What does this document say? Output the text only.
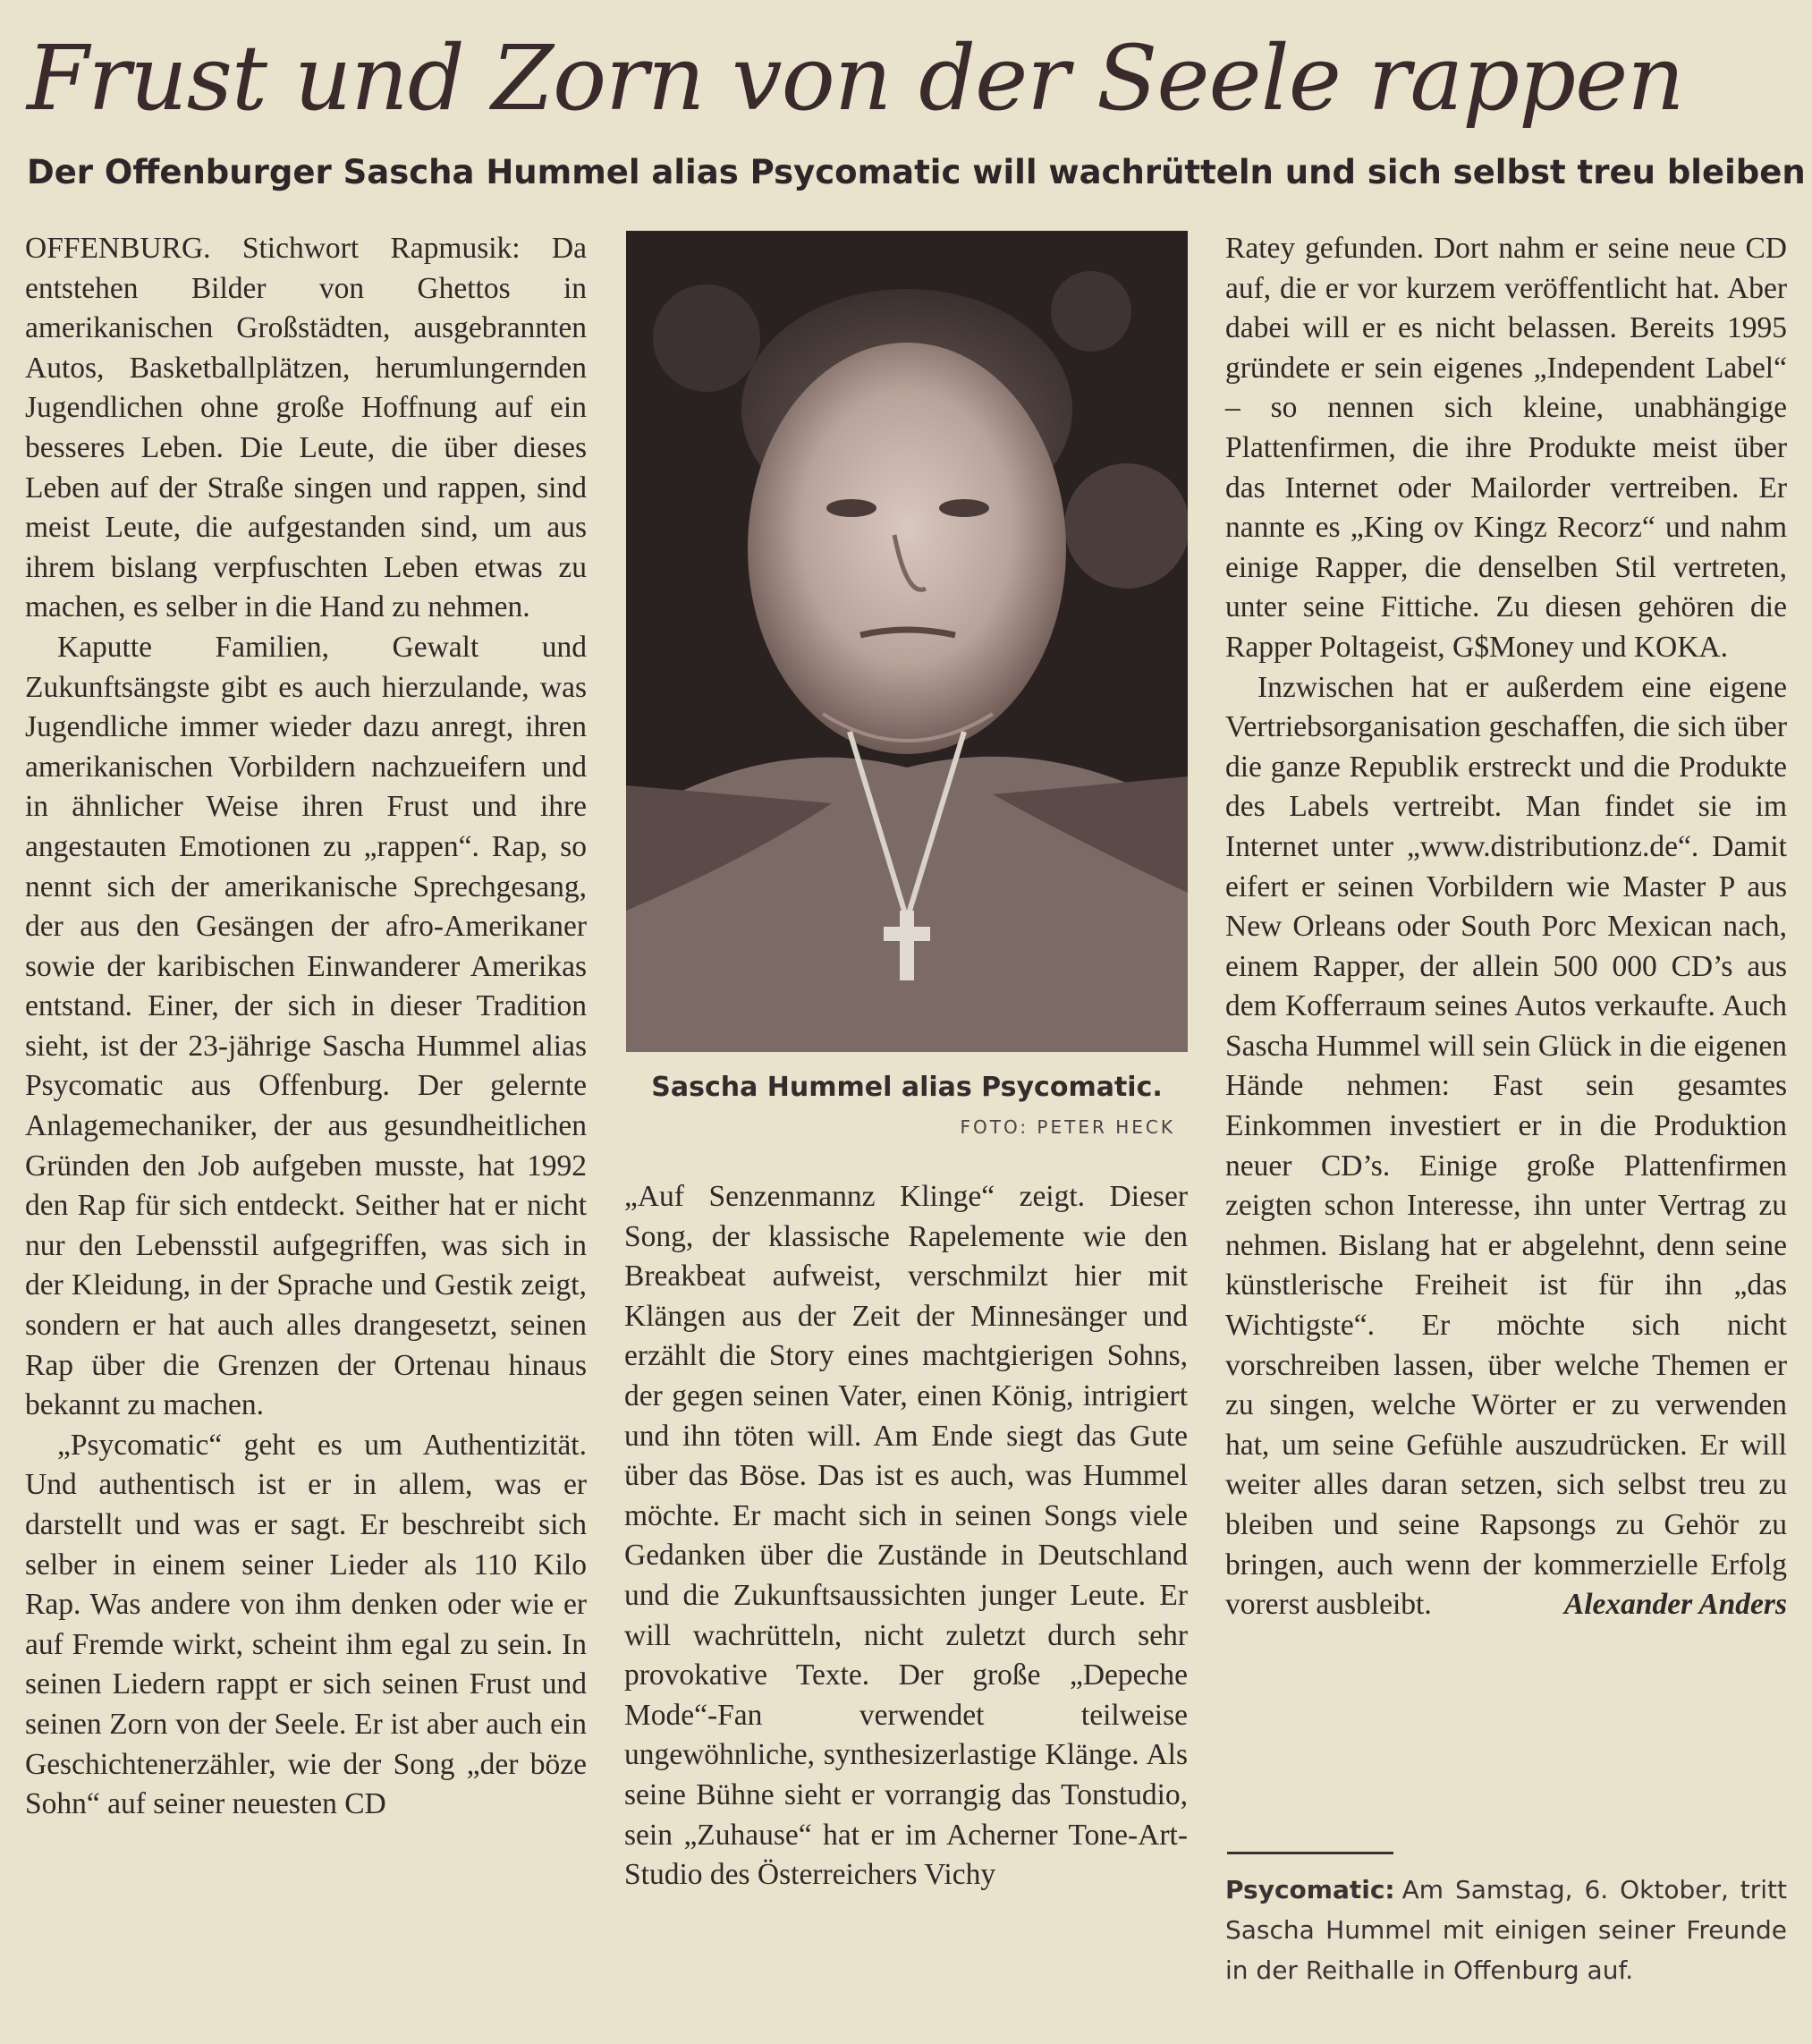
Frust und Zorn von der Seele rappen
Der Offenburger Sascha Hummel alias Psycomatic will wachrütteln und sich selbst treu bleiben

OFFENBURG. Stichwort Rapmusik: Da entstehen Bilder von Ghettos in amerikanischen Großstädten, ausgebrannten Autos, Basketballplätzen, herumlungernden Jugendlichen ohne große Hoffnung auf ein besseres Leben. Die Leute, die über dieses Leben auf der Straße singen und rappen, sind meist Leute, die aufgestanden sind, um aus ihrem bislang verpfuschten Leben etwas zu machen, es selber in die Hand zu nehmen.

Kaputte Familien, Gewalt und Zukunftsängste gibt es auch hierzulande, was Jugendliche immer wieder dazu anregt, ihren amerikanischen Vorbildern nachzueifern und in ähnlicher Weise ihren Frust und ihre angestauten Emotionen zu „rappen“. Rap, so nennt sich der amerikanische Sprechgesang, der aus den Gesängen der afro-Amerikaner sowie der karibischen Einwanderer Amerikas entstand. Einer, der sich in dieser Tradition sieht, ist der 23-jährige Sascha Hummel alias Psycomatic aus Offenburg. Der gelernte Anlagemechaniker, der aus gesundheitlichen Gründen den Job aufgeben musste, hat 1992 den Rap für sich entdeckt. Seither hat er nicht nur den Lebensstil aufgegriffen, was sich in der Kleidung, in der Sprache und Gestik zeigt, sondern er hat auch alles drangesetzt, seinen Rap über die Grenzen der Ortenau hinaus bekannt zu machen.

„Psycomatic“ geht es um Authentizität. Und authentisch ist er in allem, was er darstellt und was er sagt. Er beschreibt sich selber in einem seiner Lieder als 110 Kilo Rap. Was andere von ihm denken oder wie er auf Fremde wirkt, scheint ihm egal zu sein. In seinen Liedern rappt er sich seinen Frust und seinen Zorn von der Seele. Er ist aber auch ein Geschichtenerzähler, wie der Song „der böze Sohn“ auf seiner neuesten CD

Sascha Hummel alias Psycomatic.
FOTO: PETER HECK

„Auf Senzenmannz Klinge“ zeigt. Dieser Song, der klassische Rapelemente wie den Breakbeat aufweist, verschmilzt hier mit Klängen aus der Zeit der Minnesänger und erzählt die Story eines machtgierigen Sohns, der gegen seinen Vater, einen König, intrigiert und ihn töten will. Am Ende siegt das Gute über das Böse. Das ist es auch, was Hummel möchte. Er macht sich in seinen Songs viele Gedanken über die Zustände in Deutschland und die Zukunftsaussichten junger Leute. Er will wachrütteln, nicht zuletzt durch sehr provokative Texte. Der große „Depeche Mode“-Fan verwendet teilweise ungewöhnliche, synthesizerlastige Klänge. Als seine Bühne sieht er vorrangig das Tonstudio, sein „Zuhause“ hat er im Acherner Tone-Art-Studio des Österreichers Vichy

Ratey gefunden. Dort nahm er seine neue CD auf, die er vor kurzem veröffentlicht hat. Aber dabei will er es nicht belassen. Bereits 1995 gründete er sein eigenes „Independent Label“ – so nennen sich kleine, unabhängige Plattenfirmen, die ihre Produkte meist über das Internet oder Mailorder vertreiben. Er nannte es „King ov Kingz Recorz“ und nahm einige Rapper, die denselben Stil vertreten, unter seine Fittiche. Zu diesen gehören die Rapper Poltageist, G$Money und KOKA.

Inzwischen hat er außerdem eine eigene Vertriebsorganisation geschaffen, die sich über die ganze Republik erstreckt und die Produkte des Labels vertreibt. Man findet sie im Internet unter „www.distributionz.de“. Damit eifert er seinen Vorbildern wie Master P aus New Orleans oder South Porc Mexican nach, einem Rapper, der allein 500 000 CD’s aus dem Kofferraum seines Autos verkaufte. Auch Sascha Hummel will sein Glück in die eigenen Hände nehmen: Fast sein gesamtes Einkommen investiert er in die Produktion neuer CD’s. Einige große Plattenfirmen zeigten schon Interesse, ihn unter Vertrag zu nehmen. Bislang hat er abgelehnt, denn seine künstlerische Freiheit ist für ihn „das Wichtigste“. Er möchte sich nicht vorschreiben lassen, über welche Themen er zu singen, welche Wörter er zu verwenden hat, um seine Gefühle auszudrücken. Er will weiter alles daran setzen, sich selbst treu zu bleiben und seine Rapsongs zu Gehör zu bringen, auch wenn der kommerzielle Erfolg vorerst ausbleibt.	Alexander Anders

Psycomatic: Am Samstag, 6. Oktober, tritt Sascha Hummel mit einigen seiner Freunde in der Reithalle in Offenburg auf.
